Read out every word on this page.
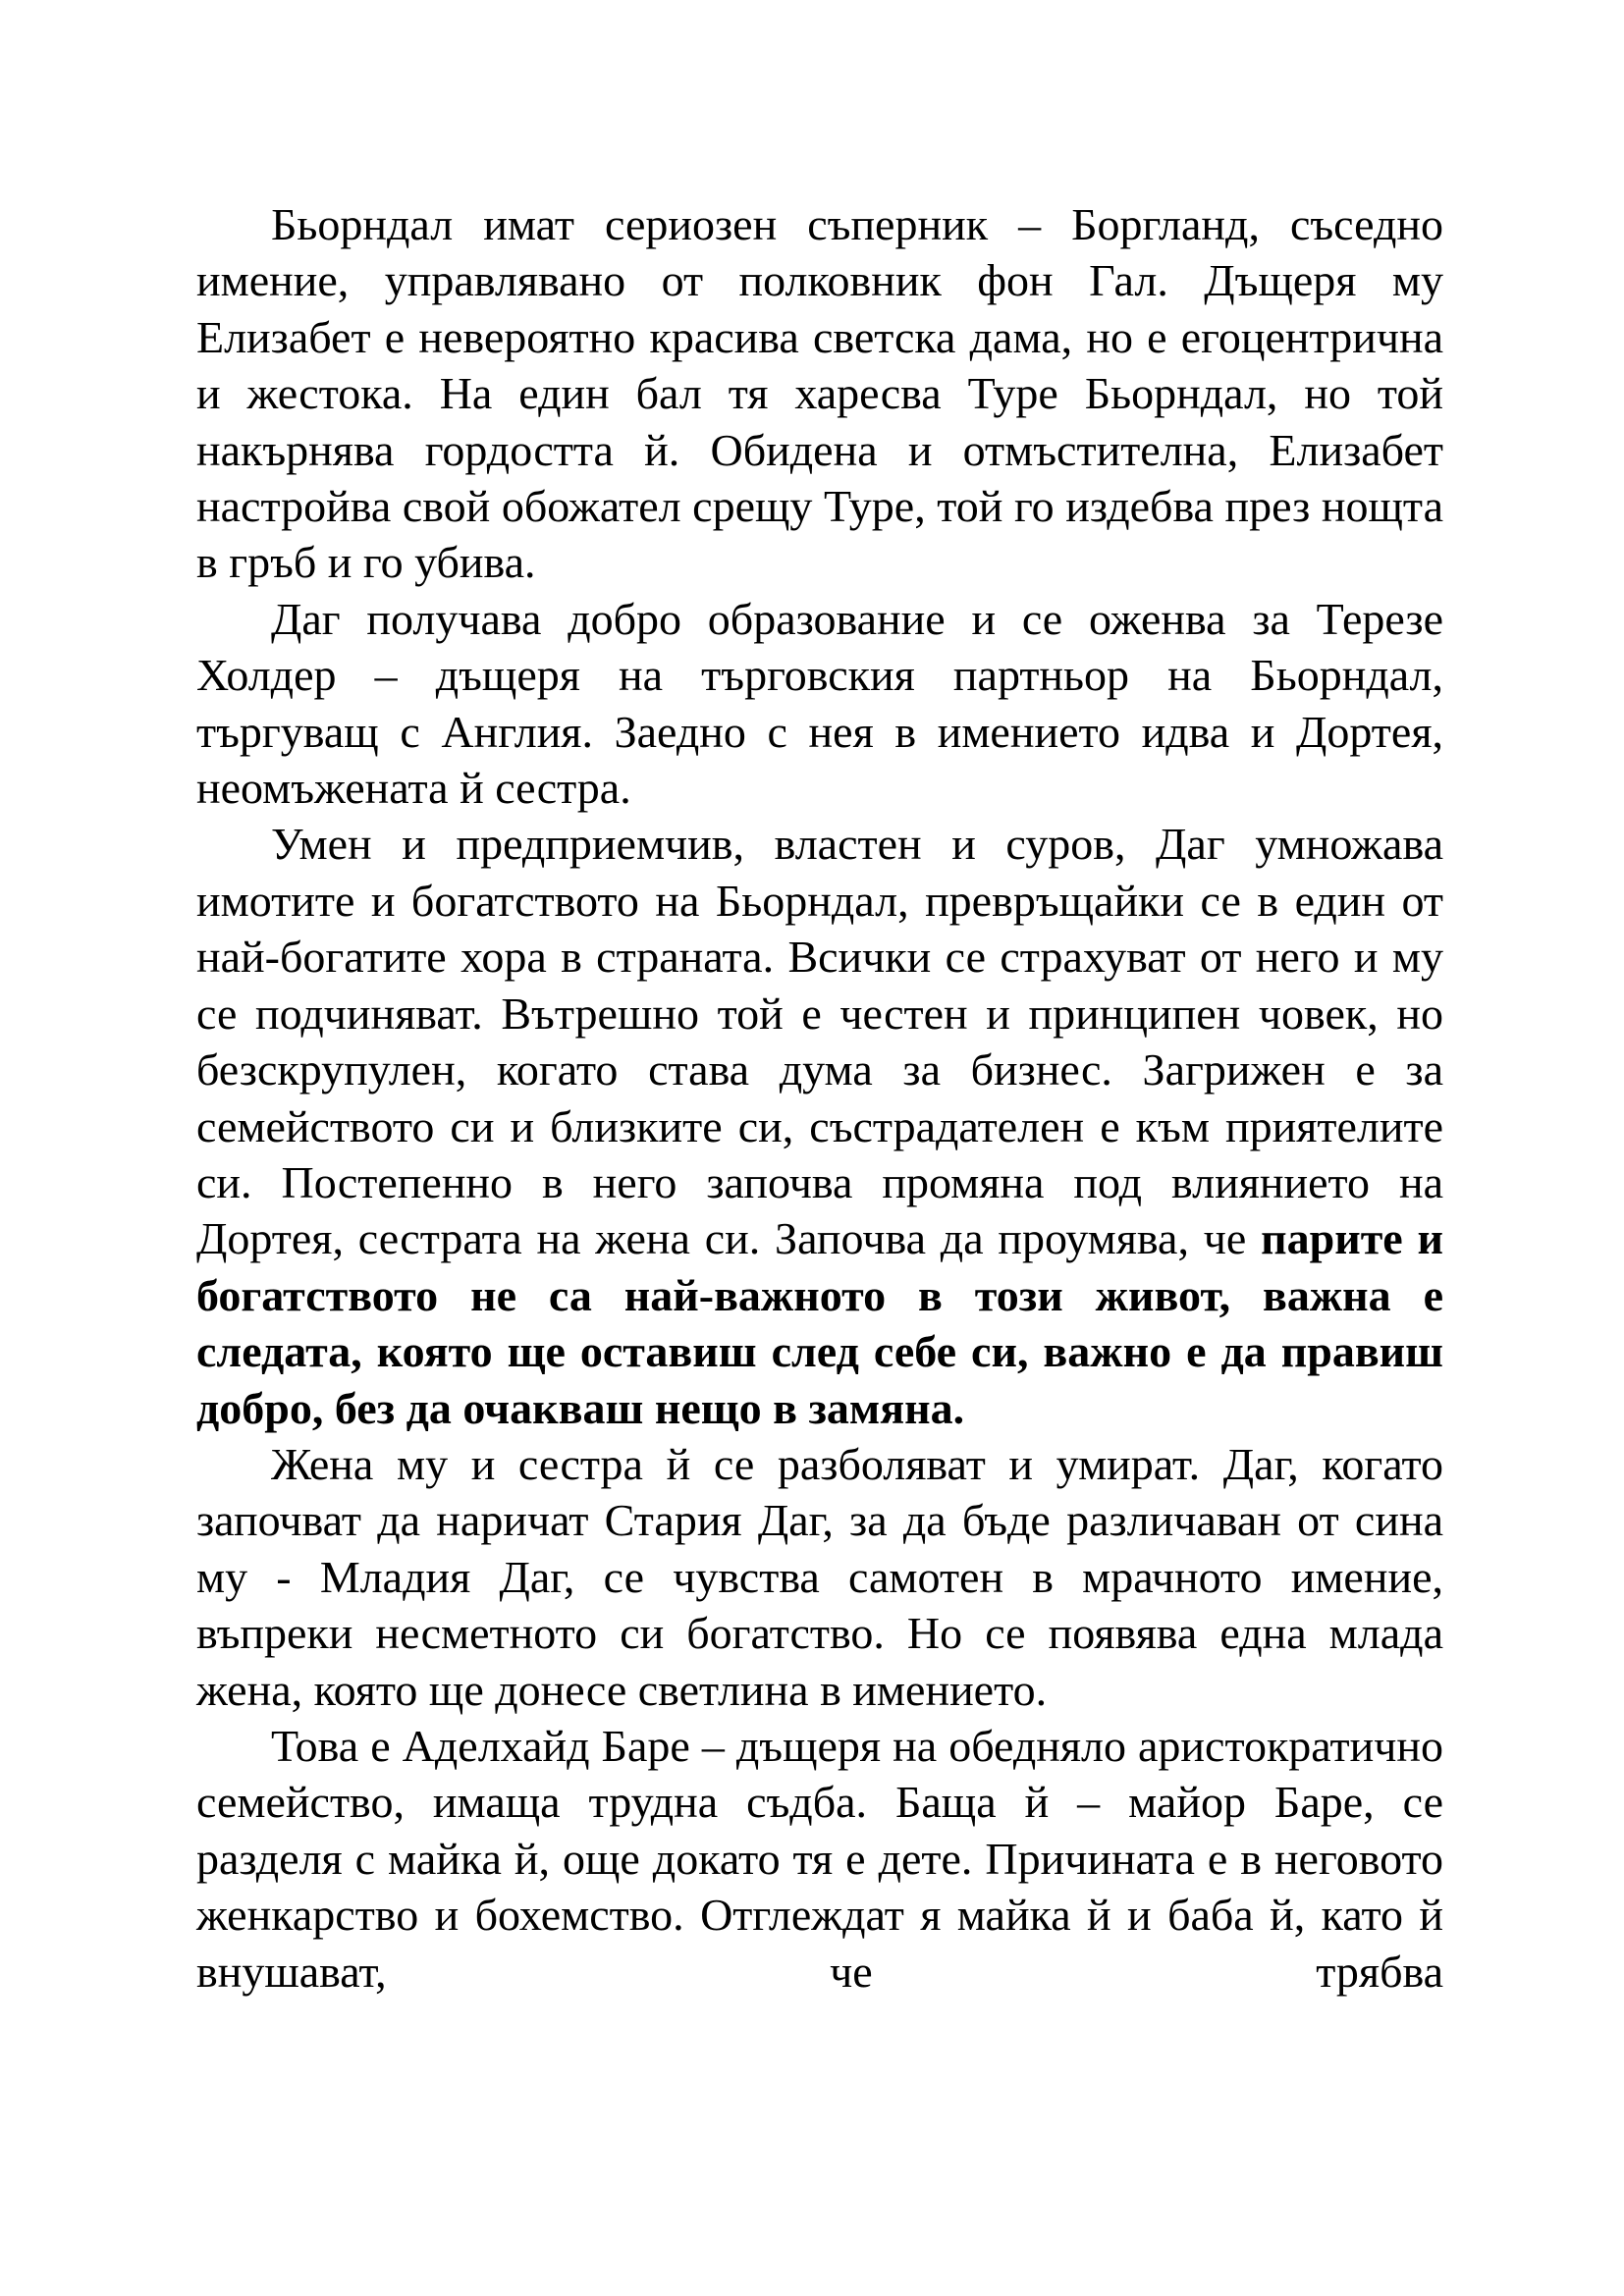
Бьорндал имат сериозен съперник – Боргланд, съседно имение, управлявано от полковник фон Гал. Дъщеря му Елизабет е невероятно красива светска дама, но е егоцентрична и жестока. На един бал тя харесва Туре Бьорндал, но той накърнява гордостта й. Обидена и отмъстителна, Елизабет настройва свой обожател срещу Туре, той го издебва през нощта в гръб и го убива.

Даг получава добро образование и се оженва за Терезе Холдер – дъщеря на търговския партньор на Бьорндал, търгуващ с Англия. Заедно с нея в имението идва и Дортея, неомъжената й сестра.

Умен и предприемчив, властен и суров, Даг умножава имотите и богатството на Бьорндал, превръщайки се в един от най-богатите хора в страната. Всички се страхуват от него и му се подчиняват. Вътрешно той е честен и принципен човек, но безскрупулен, когато става дума за бизнес. Загрижен е за семейството си и близките си, състрадателен е към приятелите си. Постепенно в него започва промяна под влиянието на Дортея, сестрата на жена си. Започва да проумява, че парите и богатството не са най-важното в този живот, важна е следата, която ще оставиш след себе си, важно е да правиш добро, без да очакваш нещо в замяна.

Жена му и сестра й се разболяват и умират. Даг, когато започват да наричат Стария Даг, за да бъде различаван от сина му - Младия Даг, се чувства самотен в мрачното имение, въпреки несметното си богатство. Но се появява една млада жена, която ще донесе светлина в имението.

Това е Аделхайд Баре – дъщеря на обедняло аристократично семейство, имаща трудна съдба. Баща й – майор Баре, се разделя с майка й, още докато тя е дете. Причината е в неговото женкарство и бохемство. Отглеждат я майка й и баба й, като й внушават, че трябва
